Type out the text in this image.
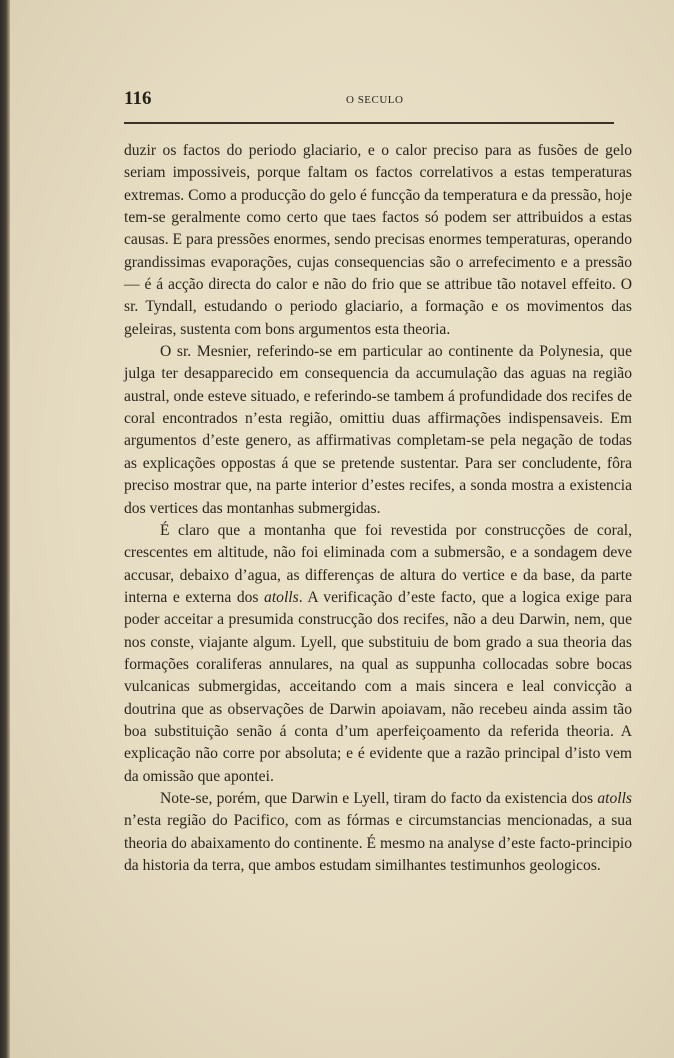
116	O SECULO

duzir os factos do periodo glaciario, e o calor preciso para as fusões de gelo seriam impossiveis, porque faltam os factos correlativos a estas temperaturas extremas. Como a producção do gelo é funcção da temperatura e da pressão, hoje tem-se geralmente como certo que taes factos só podem ser attribuidos a estas causas. E para pressões enormes, sendo precisas enormes temperaturas, operando grandissimas evaporações, cujas consequencias são o arrefecimento e a pressão — é á acção directa do calor e não do frio que se attribue tão notavel effeito. O sr. Tyndall, estudando o periodo glaciario, a formação e os movimentos das geleiras, sustenta com bons argumentos esta theoria.

O sr. Mesnier, referindo-se em particular ao continente da Polynesia, que julga ter desapparecido em consequencia da accumulação das aguas na região austral, onde esteve situado, e referindo-se tambem á profundidade dos recifes de coral encontrados n’esta região, omittiu duas affirmações indispensaveis. Em argumentos d’este genero, as affirmativas completam-se pela negação de todas as explicações oppostas á que se pretende sustentar. Para ser concludente, fôra preciso mostrar que, na parte interior d’estes recifes, a sonda mostra a existencia dos vertices das montanhas submergidas.

É claro que a montanha que foi revestida por construcções de coral, crescentes em altitude, não foi eliminada com a submersão, e a sondagem deve accusar, debaixo d’agua, as differenças de altura do vertice e da base, da parte interna e externa dos atolls. A verificação d’este facto, que a logica exige para poder acceitar a presumida construcção dos recifes, não a deu Darwin, nem, que nos conste, viajante algum. Lyell, que substituiu de bom grado a sua theoria das formações coraliferas annulares, na qual as suppunha collocadas sobre bocas vulcanicas submergidas, acceitando com a mais sincera e leal convicção a doutrina que as observações de Darwin apoiavam, não recebeu ainda assim tão boa substituição senão á conta d’um aperfeiçoamento da referida theoria. A explicação não corre por absoluta; e é evidente que a razão principal d’isto vem da omissão que apontei.

Note-se, porém, que Darwin e Lyell, tiram do facto da existencia dos atolls n’esta região do Pacifico, com as fórmas e circumstancias mencionadas, a sua theoria do abaixamento do continente. É mesmo na analyse d’este facto-principio da historia da terra, que ambos estudam similhantes testimunhos geologicos.
